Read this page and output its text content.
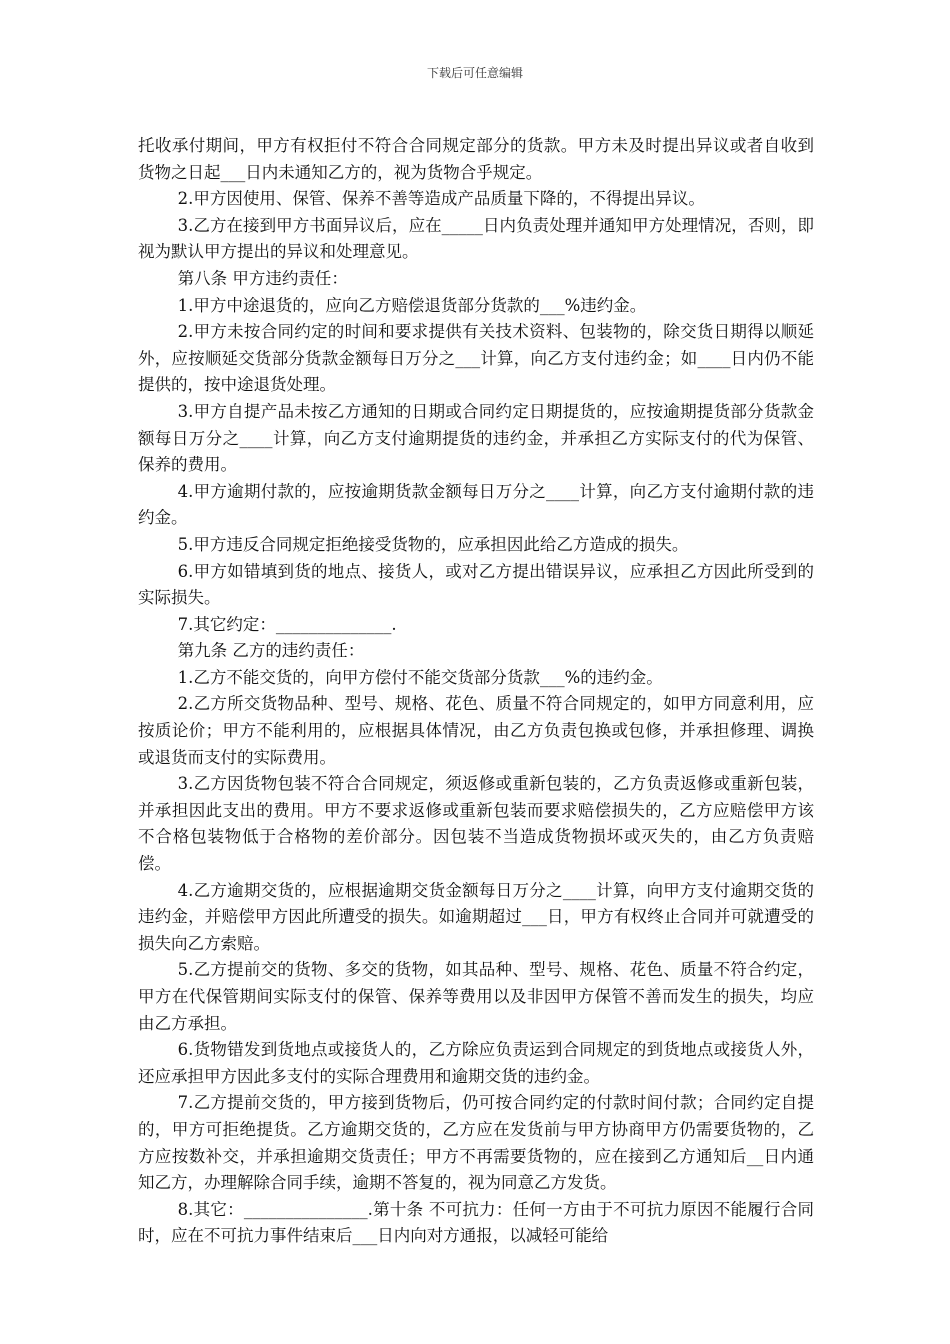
下载后可任意编辑

托收承付期间，甲方有权拒付不符合合同规定部分的货款。甲方未及时提出异议或者自收到货物之日起___日内未通知乙方的，视为货物合乎规定。

2.甲方因使用、保管、保养不善等造成产品质量下降的，不得提出异议。

3.乙方在接到甲方书面异议后，应在_____日内负责处理并通知甲方处理情况，否则，即视为默认甲方提出的异议和处理意见。

第八条 甲方违约责任：

1.甲方中途退货的，应向乙方赔偿退货部分货款的___%违约金。

2.甲方未按合同约定的时间和要求提供有关技术资料、包装物的，除交货日期得以顺延外，应按顺延交货部分货款金额每日万分之___计算，向乙方支付违约金；如____日内仍不能提供的，按中途退货处理。

3.甲方自提产品未按乙方通知的日期或合同约定日期提货的，应按逾期提货部分货款金额每日万分之____计算，向乙方支付逾期提货的违约金，并承担乙方实际支付的代为保管、保养的费用。

4.甲方逾期付款的，应按逾期货款金额每日万分之____计算，向乙方支付逾期付款的违约金。

5.甲方违反合同规定拒绝接受货物的，应承担因此给乙方造成的损失。

6.甲方如错填到货的地点、接货人，或对乙方提出错误异议，应承担乙方因此所受到的实际损失。

7.其它约定：______________.

第九条 乙方的违约责任：

1.乙方不能交货的，向甲方偿付不能交货部分货款___%的违约金。

2.乙方所交货物品种、型号、规格、花色、质量不符合同规定的，如甲方同意利用，应按质论价；甲方不能利用的，应根据具体情况，由乙方负责包换或包修，并承担修理、调换或退货而支付的实际费用。

3.乙方因货物包装不符合合同规定，须返修或重新包装的，乙方负责返修或重新包装，并承担因此支出的费用。甲方不要求返修或重新包装而要求赔偿损失的，乙方应赔偿甲方该不合格包装物低于合格物的差价部分。因包装不当造成货物损坏或灭失的，由乙方负责赔偿。

4.乙方逾期交货的，应根据逾期交货金额每日万分之____计算，向甲方支付逾期交货的违约金，并赔偿甲方因此所遭受的损失。如逾期超过___日，甲方有权终止合同并可就遭受的损失向乙方索赔。

5.乙方提前交的货物、多交的货物，如其品种、型号、规格、花色、质量不符合约定，甲方在代保管期间实际支付的保管、保养等费用以及非因甲方保管不善而发生的损失，均应由乙方承担。

6.货物错发到货地点或接货人的，乙方除应负责运到合同规定的到货地点或接货人外，还应承担甲方因此多支付的实际合理费用和逾期交货的违约金。

7.乙方提前交货的，甲方接到货物后，仍可按合同约定的付款时间付款；合同约定自提的，甲方可拒绝提货。乙方逾期交货的，乙方应在发货前与甲方协商甲方仍需要货物的，乙方应按数补交，并承担逾期交货责任；甲方不再需要货物的，应在接到乙方通知后__日内通知乙方，办理解除合同手续，逾期不答复的，视为同意乙方发货。

8.其它：_______________.第十条 不可抗力：任何一方由于不可抗力原因不能履行合同时，应在不可抗力事件结束后___日内向对方通报，以减轻可能给
